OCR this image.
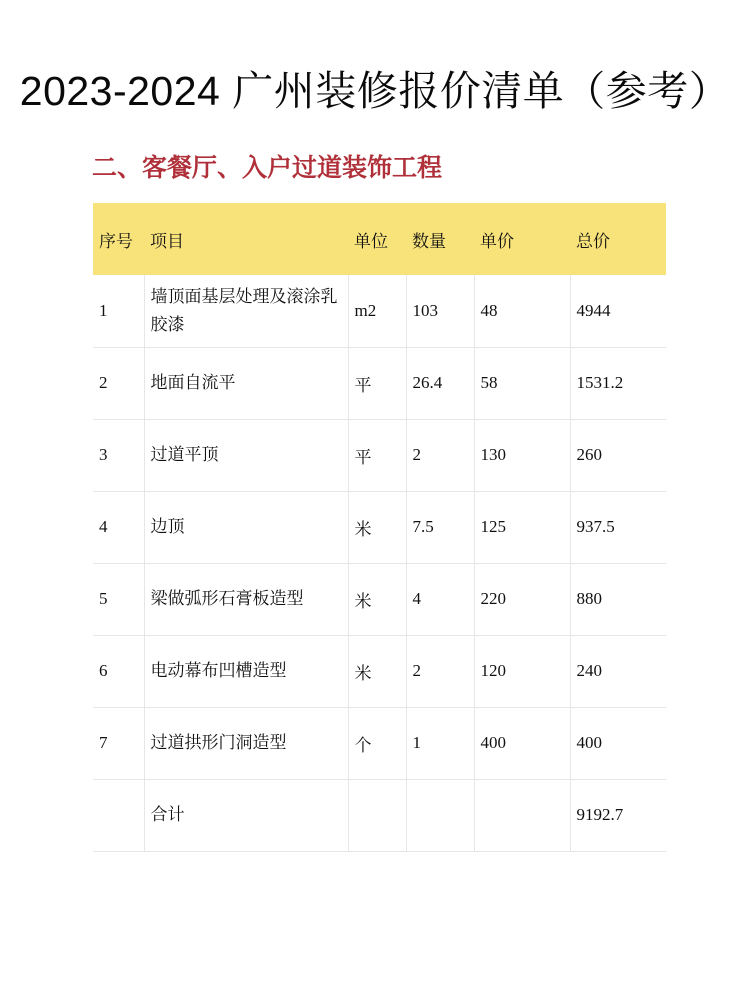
2023-2024 广州装修报价清单（参考）
二、客餐厅、入户过道装饰工程
序号	项目	单位	数量	单价	总价
1	墙顶面基层处理及滚涂乳胶漆	m2	103	48	4944
2	地面自流平	平	26.4	58	1531.2
3	过道平顶	平	2	130	260
4	边顶	米	7.5	125	937.5
5	梁做弧形石膏板造型	米	4	220	880
6	电动幕布凹槽造型	米	2	120	240
7	过道拱形门洞造型	个	1	400	400
	合计				9192.7
